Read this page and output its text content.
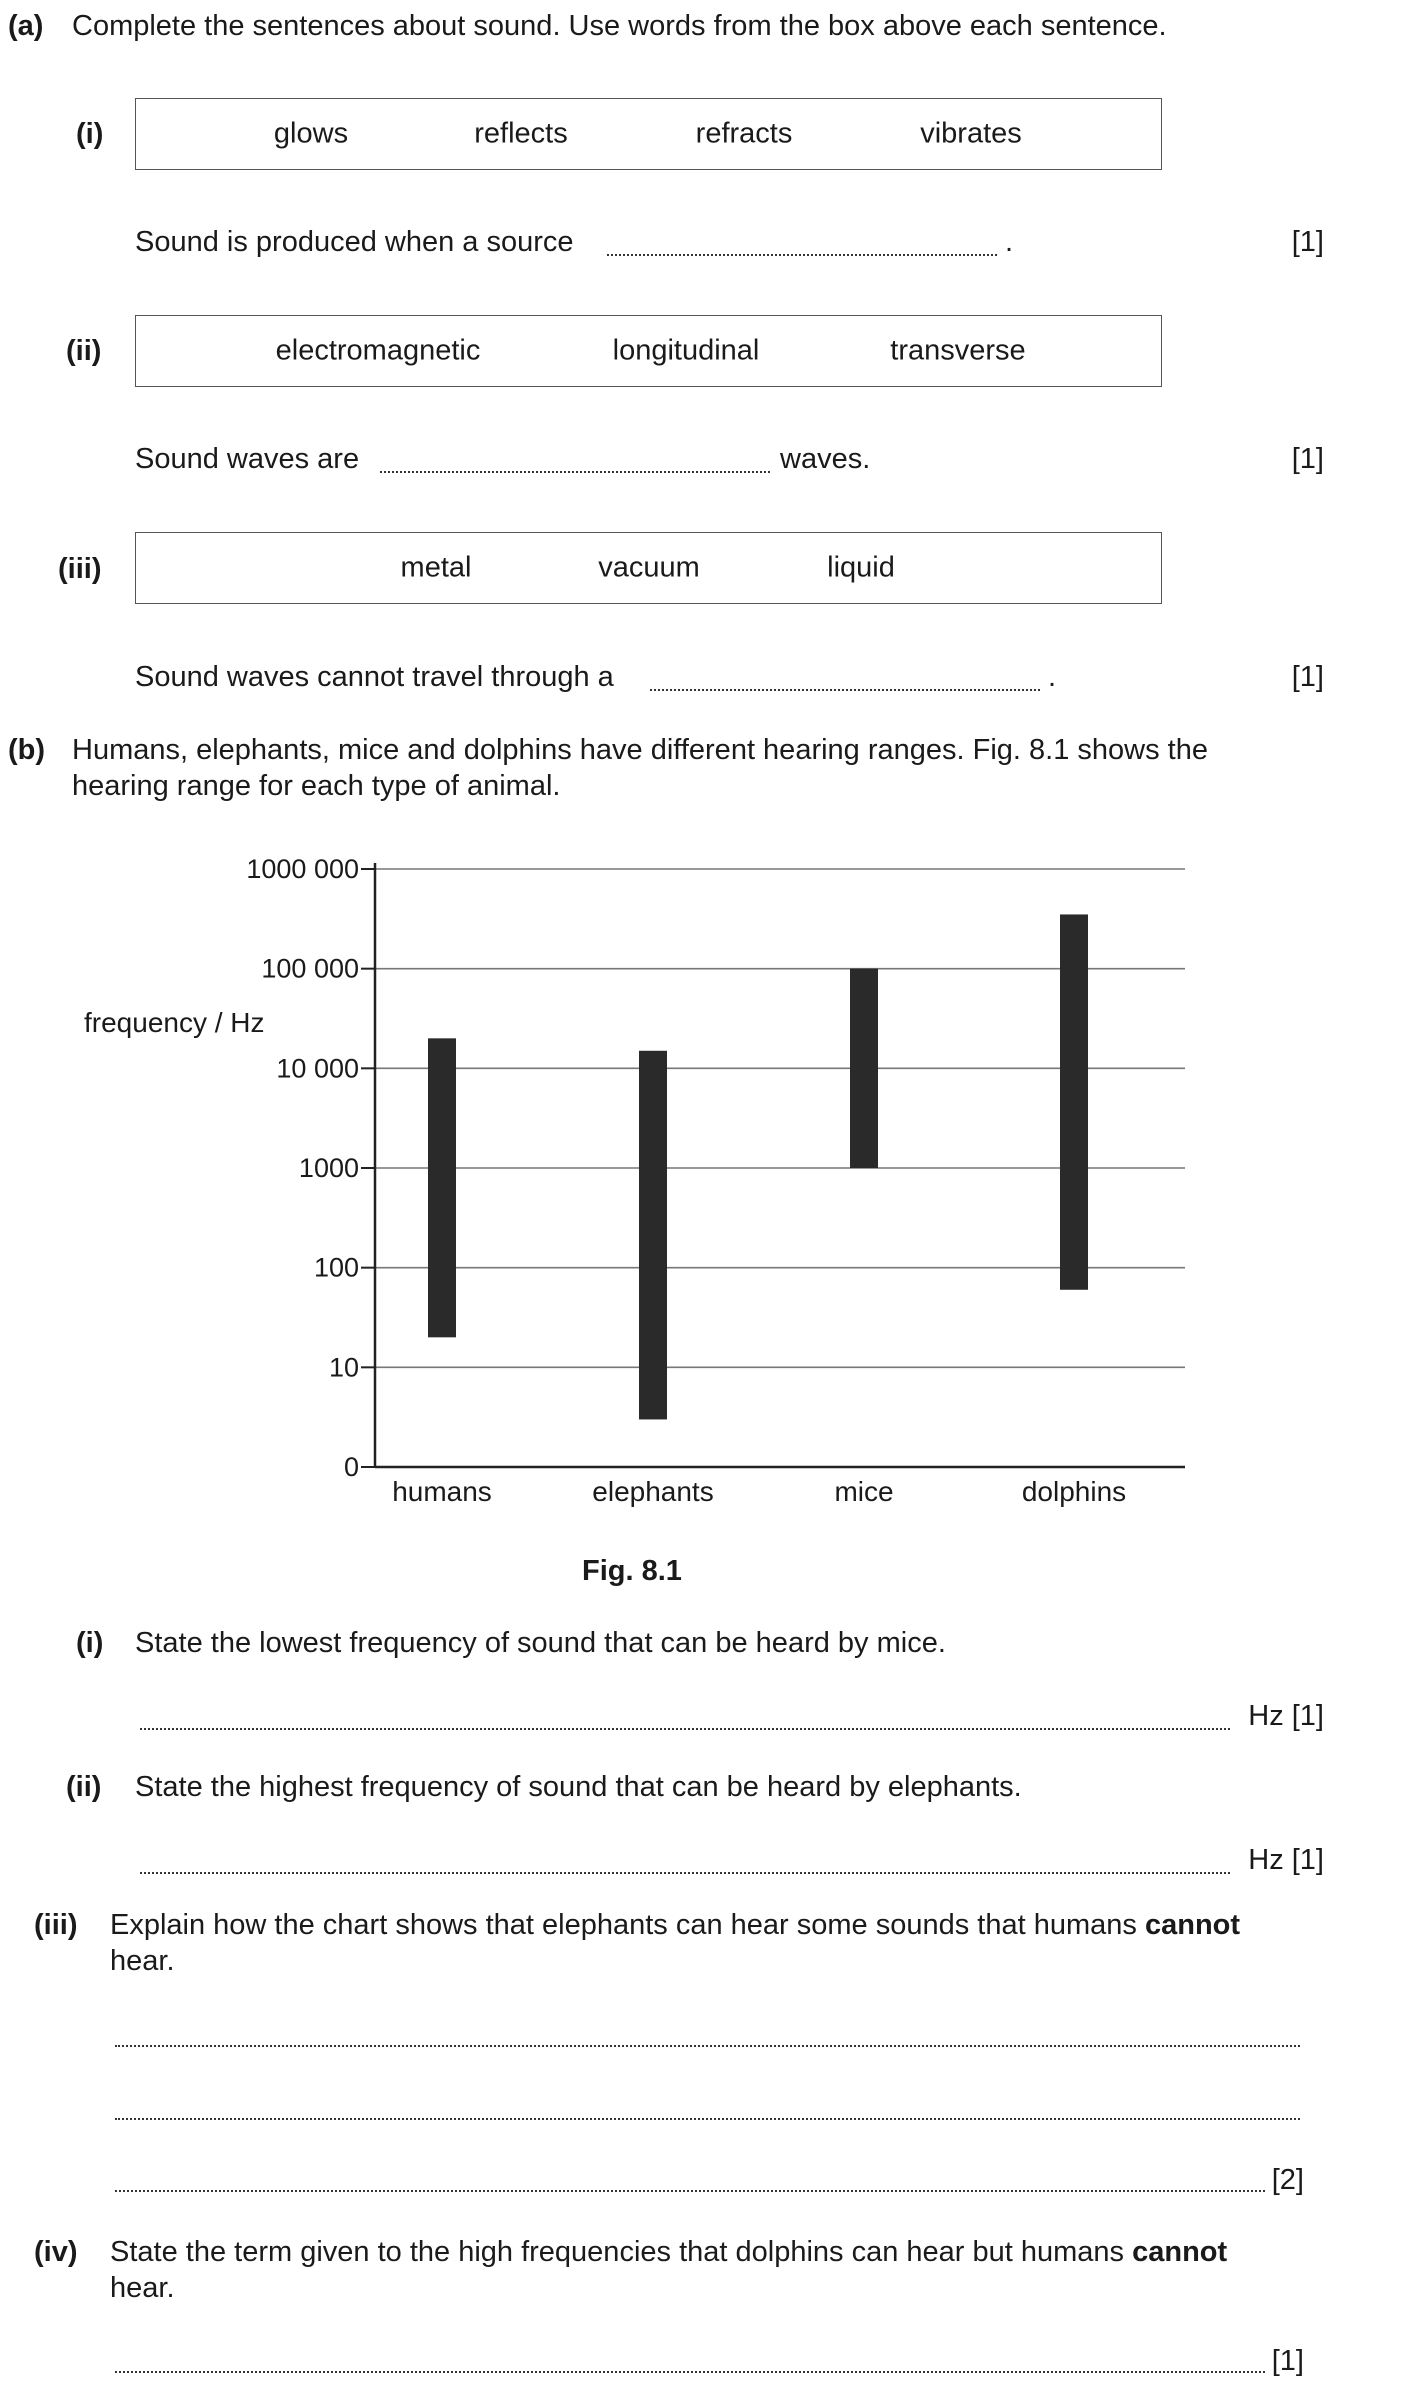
(a) Complete the sentences about sound. Use words from the box above each sentence.
(i)	glows	reflects	refracts	vibrates
Sound is produced when a source	.	[1]
(ii)	electromagnetic	longitudinal	transverse
Sound waves are	waves.	[1]
(iii)	metal	vacuum	liquid
Sound waves cannot travel through a	.	[1]
(b) Humans, elephants, mice and dolphins have different hearing ranges. Fig. 8.1 shows the
hearing range for each type of animal.
1000 000
100 000
10 000
1000
100
10
0
humans	elephants	mice	dolphins
frequency / Hz
Fig. 8.1
(i) State the lowest frequency of sound that can be heard by mice.
Hz [1]
(ii) State the highest frequency of sound that can be heard by elephants.
Hz [1]
(iii) Explain how the chart shows that elephants can hear some sounds that humans cannot
hear.
[2]
(iv) State the term given to the high frequencies that dolphins can hear but humans cannot
hear.
[1]
